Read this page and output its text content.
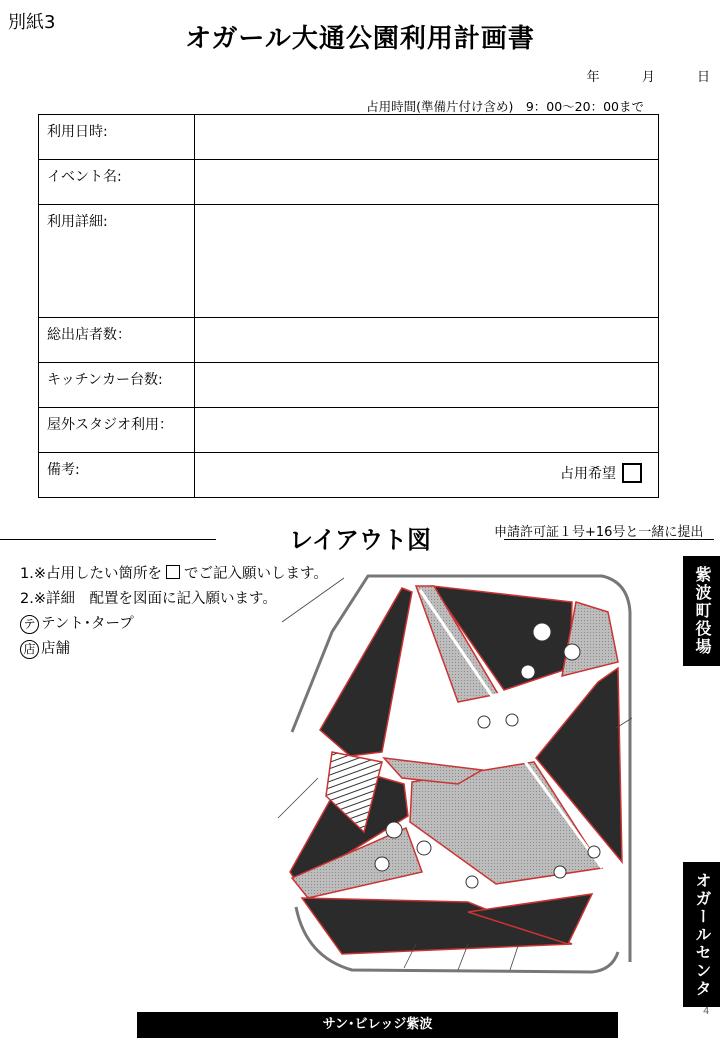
別紙3
オガール大通公園利用計画書
年	月	日
占用時間(準備片付け含め)　9：00〜20：00まで
利用日時:	
イベント名:	
利用詳細:	
総出店者数：	
キッチンカー台数:	
屋外スタジオ利用：	
備考:	占用希望
レイアウト図	申請許可証１号+16号と一緒に提出
1.※占用したい箇所を でご記入願いします。
2.※詳細　配置を図面に記入願います。
テ テント･タープ
店 店舗	紫波町役場
オガールセンター
サン･ビレッジ紫波
4
